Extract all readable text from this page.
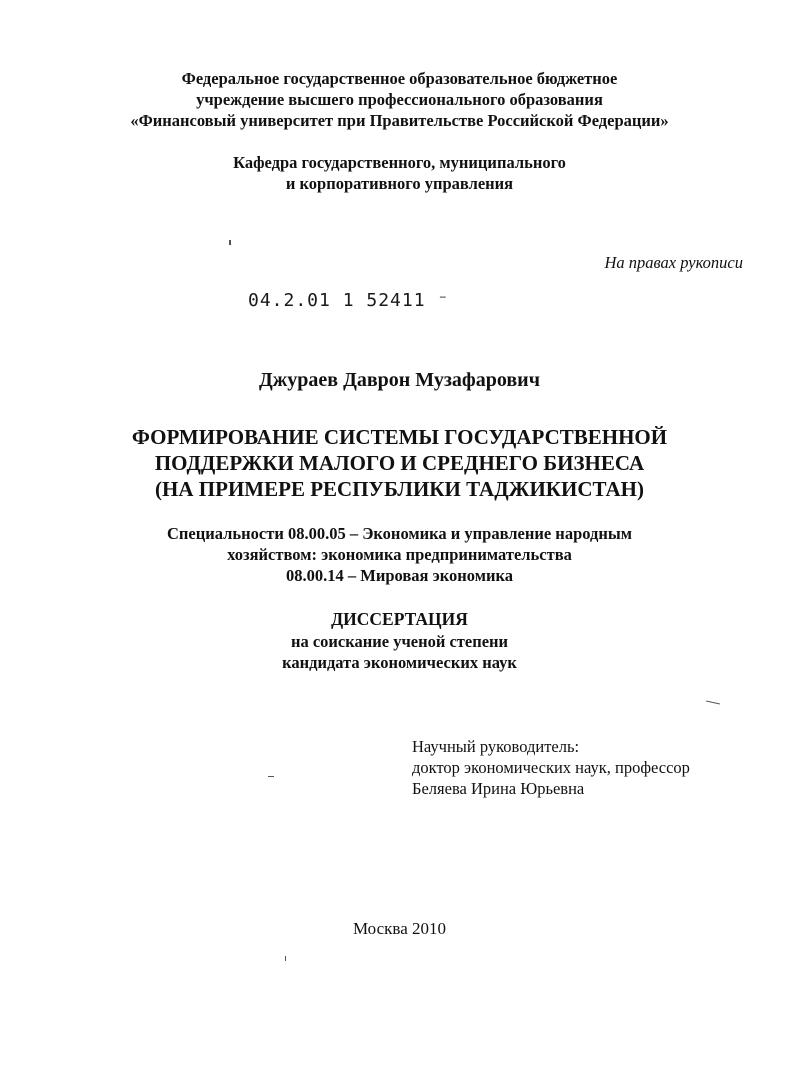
Федеральное государственное образовательное бюджетное
учреждение высшего профессионального образования
«Финансовый университет при Правительстве Российской Федерации»
Кафедра государственного, муниципального
и корпоративного управления
На правах рукописи
04.2.01 1 52411 ⁻
Джураев Даврон Музафарович
ФОРМИРОВАНИЕ СИСТЕМЫ ГОСУДАРСТВЕННОЙ
ПОДДЕРЖКИ МАЛОГО И СРЕДНЕГО БИЗНЕСА
(НА ПРИМЕРЕ РЕСПУБЛИКИ ТАДЖИКИСТАН)
Специальности 08.00.05 – Экономика и управление народным
хозяйством: экономика предпринимательства
08.00.14 – Мировая экономика
ДИССЕРТАЦИЯ
на соискание ученой степени
кандидата экономических наук
Научный руководитель:
доктор экономических наук, профессор
Беляева Ирина Юрьевна
Москва 2010
